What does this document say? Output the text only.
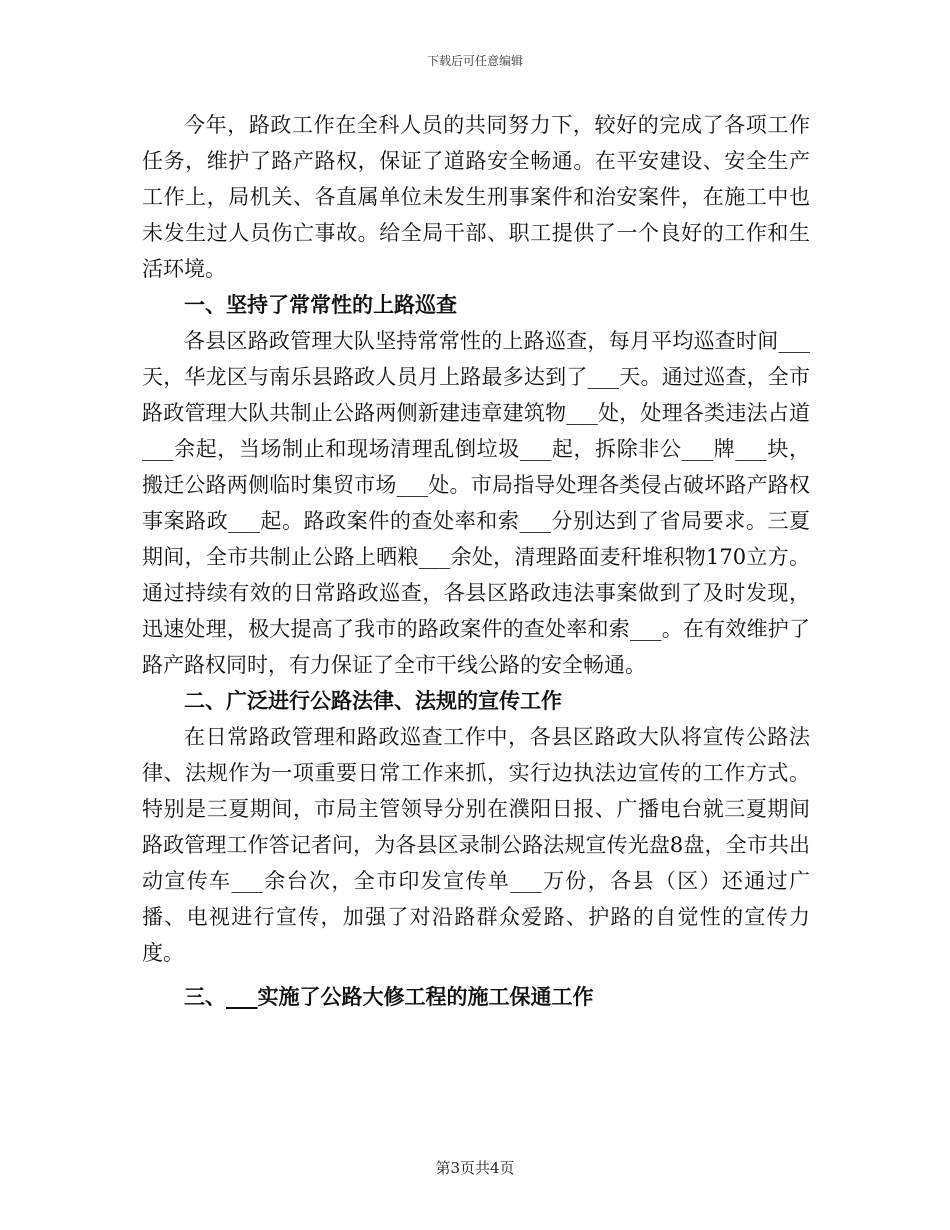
下载后可任意编辑

今年，路政工作在全科人员的共同努力下，较好的完成了各项工作任务，维护了路产路权，保证了道路安全畅通。在平安建设、安全生产工作上，局机关、各直属单位未发生刑事案件和治安案件，在施工中也未发生过人员伤亡事故。给全局干部、职工提供了一个良好的工作和生活环境。

一、坚持了常常性的上路巡查

各县区路政管理大队坚持常常性的上路巡查，每月平均巡查时间___天，华龙区与南乐县路政人员月上路最多达到了___天。通过巡查，全市路政管理大队共制止公路两侧新建违章建筑物___处，处理各类违法占道___余起，当场制止和现场清理乱倒垃圾___起，拆除非公___牌___块，搬迁公路两侧临时集贸市场___处。市局指导处理各类侵占破坏路产路权事案路政___起。路政案件的查处率和索___分别达到了省局要求。三夏期间，全市共制止公路上晒粮___余处，清理路面麦秆堆积物170立方。通过持续有效的日常路政巡查，各县区路政违法事案做到了及时发现，迅速处理，极大提高了我市的路政案件的查处率和索___。在有效维护了路产路权同时，有力保证了全市干线公路的安全畅通。

二、广泛进行公路法律、法规的宣传工作

在日常路政管理和路政巡查工作中，各县区路政大队将宣传公路法律、法规作为一项重要日常工作来抓，实行边执法边宣传的工作方式。特别是三夏期间，市局主管领导分别在濮阳日报、广播电台就三夏期间路政管理工作答记者问，为各县区录制公路法规宣传光盘8盘，全市共出动宣传车___余台次，全市印发宣传单___万份，各县（区）还通过广播、电视进行宣传，加强了对沿路群众爱路、护路的自觉性的宣传力度。

三、___实施了公路大修工程的施工保通工作

第3页共4页
